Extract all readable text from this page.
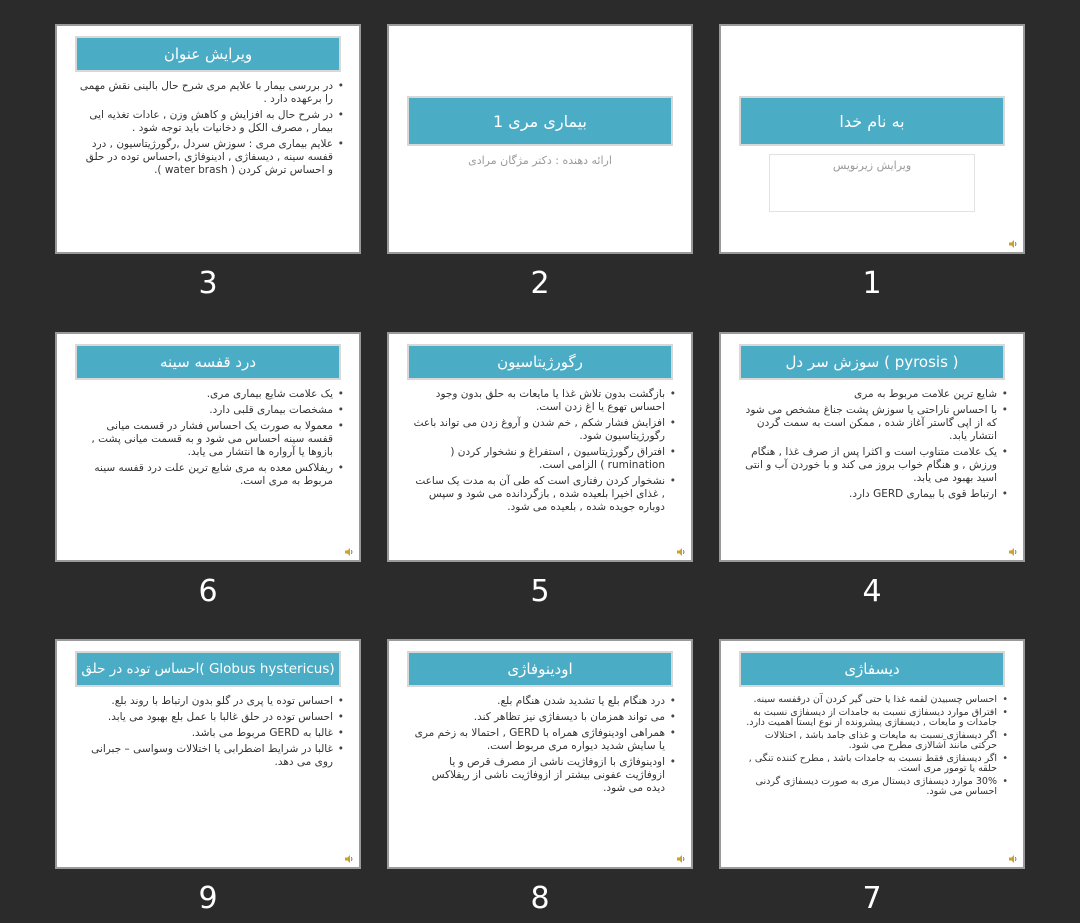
ویرایش عنوان
• در بررسی بیمار با علایم مری شرح حال بالینی نقش مهمی را برعهده دارد .
• در شرح حال به افزایش و کاهش وزن , عادات تغذیه ایی بیمار , مصرف الکل و دخانیات باید توجه شود .
• علایم بیماری مری : سوزش سردل ,رگورژیتاسیون , درد قفسه سینه , دیسفاژی , ادینوفاژی ,احساس توده در حلق و احساس ترش کردن ( water brash ).
3
بیماری مری 1
ارائه دهنده : دکتر مژگان مرادی
2
به نام خدا
ویرایش زیرنویس
1
درد قفسه سینه
• یک علامت شایع بیماری مری.
• مشخصات بیماری قلبی دارد.
• معمولا به صورت یک احساس فشار در قسمت میانی قفسه سینه احساس می شود و به قسمت میانی پشت , بازوها یا آرواره ها انتشار می یابد.
• ریفلاکس معده به مری شایع ترین علت درد قفسه سینه مربوط به مری است.
6
رگورژیتاسیون
• بازگشت بدون تلاش غذا یا مایعات به حلق بدون وجود احساس تهوع یا اغ زدن است.
• افزایش فشار شکم , خم شدن و آروغ زدن می تواند باعث رگورژیتاسیون شود.
• افتراق رگورژیتاسیون , استفراغ و نشخوار کردن ( rumination ) الزامی است.
• نشخوار کردن رفتاری است که طی آن به مدت یک ساعت , غذای اخیرا بلعیده شده , بازگردانده می شود و سپس دوباره جویده شده , بلعیده می شود.
5
( pyrosis ) سوزش سر دل
• شایع ترین علامت مربوط به مری
• با احساس ناراحتی یا سوزش پشت جناغ مشخص می شود که از اپی گاستر آغاز شده , ممکن است به سمت گردن انتشار یابد.
• یک علامت متناوب است و اکثرا پس از صرف غذا , هنگام ورزش , و هنگام خواب بروز می کند و با خوردن آب و انتی اسید بهبود می یابد.
• ارتباط قوی با بیماری GERD دارد.
4
(Globus hystericus )احساس توده در حلق
• احساس توده یا پری در گلو بدون ارتباط با روند بلع.
• احساس توده در حلق غالبا با عمل بلع بهبود می یابد.
• غالبا به GERD مربوط می باشد.
• غالبا در شرایط اضطرابی یا اختلالات وسواسی – جبرانی روی می دهد.
9
اودینوفاژی
• درد هنگام بلع یا تشدید شدن هنگام بلع.
• می تواند همزمان با دیسفاژی نیز تظاهر کند.
• همراهی اودینوفاژی همراه با GERD , احتمالا به زخم مری یا سایش شدید دیواره مری مربوط است.
• اودینوفاژی با ازوفاژیت ناشی از مصرف قرص و یا ازوفاژیت عفونی بیشتر از ازوفاژیت ناشی از ریفلاکس دیده می شود.
8
دیسفاژی
• احساس چسبیدن لقمه غذا یا حتی گیر کردن آن درقفسه سینه.
• افتراق موارد دیسفاژی نسبت به جامدات از دیسفاژی نسبت به جامدات و مایعات , دیسفاژی پیشرونده از نوع ایستا اهمیت دارد.
• اگر دیسفاژی نسبت به مایعات و غذای جامد باشد , اختلالات حرکتی مانند آشالازی مطرح می شود.
• اگر دیسفاژی فقط نسبت به جامدات باشد , مطرح کننده تنگی , حلقه یا تومور مری است.
• 30% موارد دیسفاژی دیستال مری به صورت دیسفاژی گردنی احساس می شود.
7
